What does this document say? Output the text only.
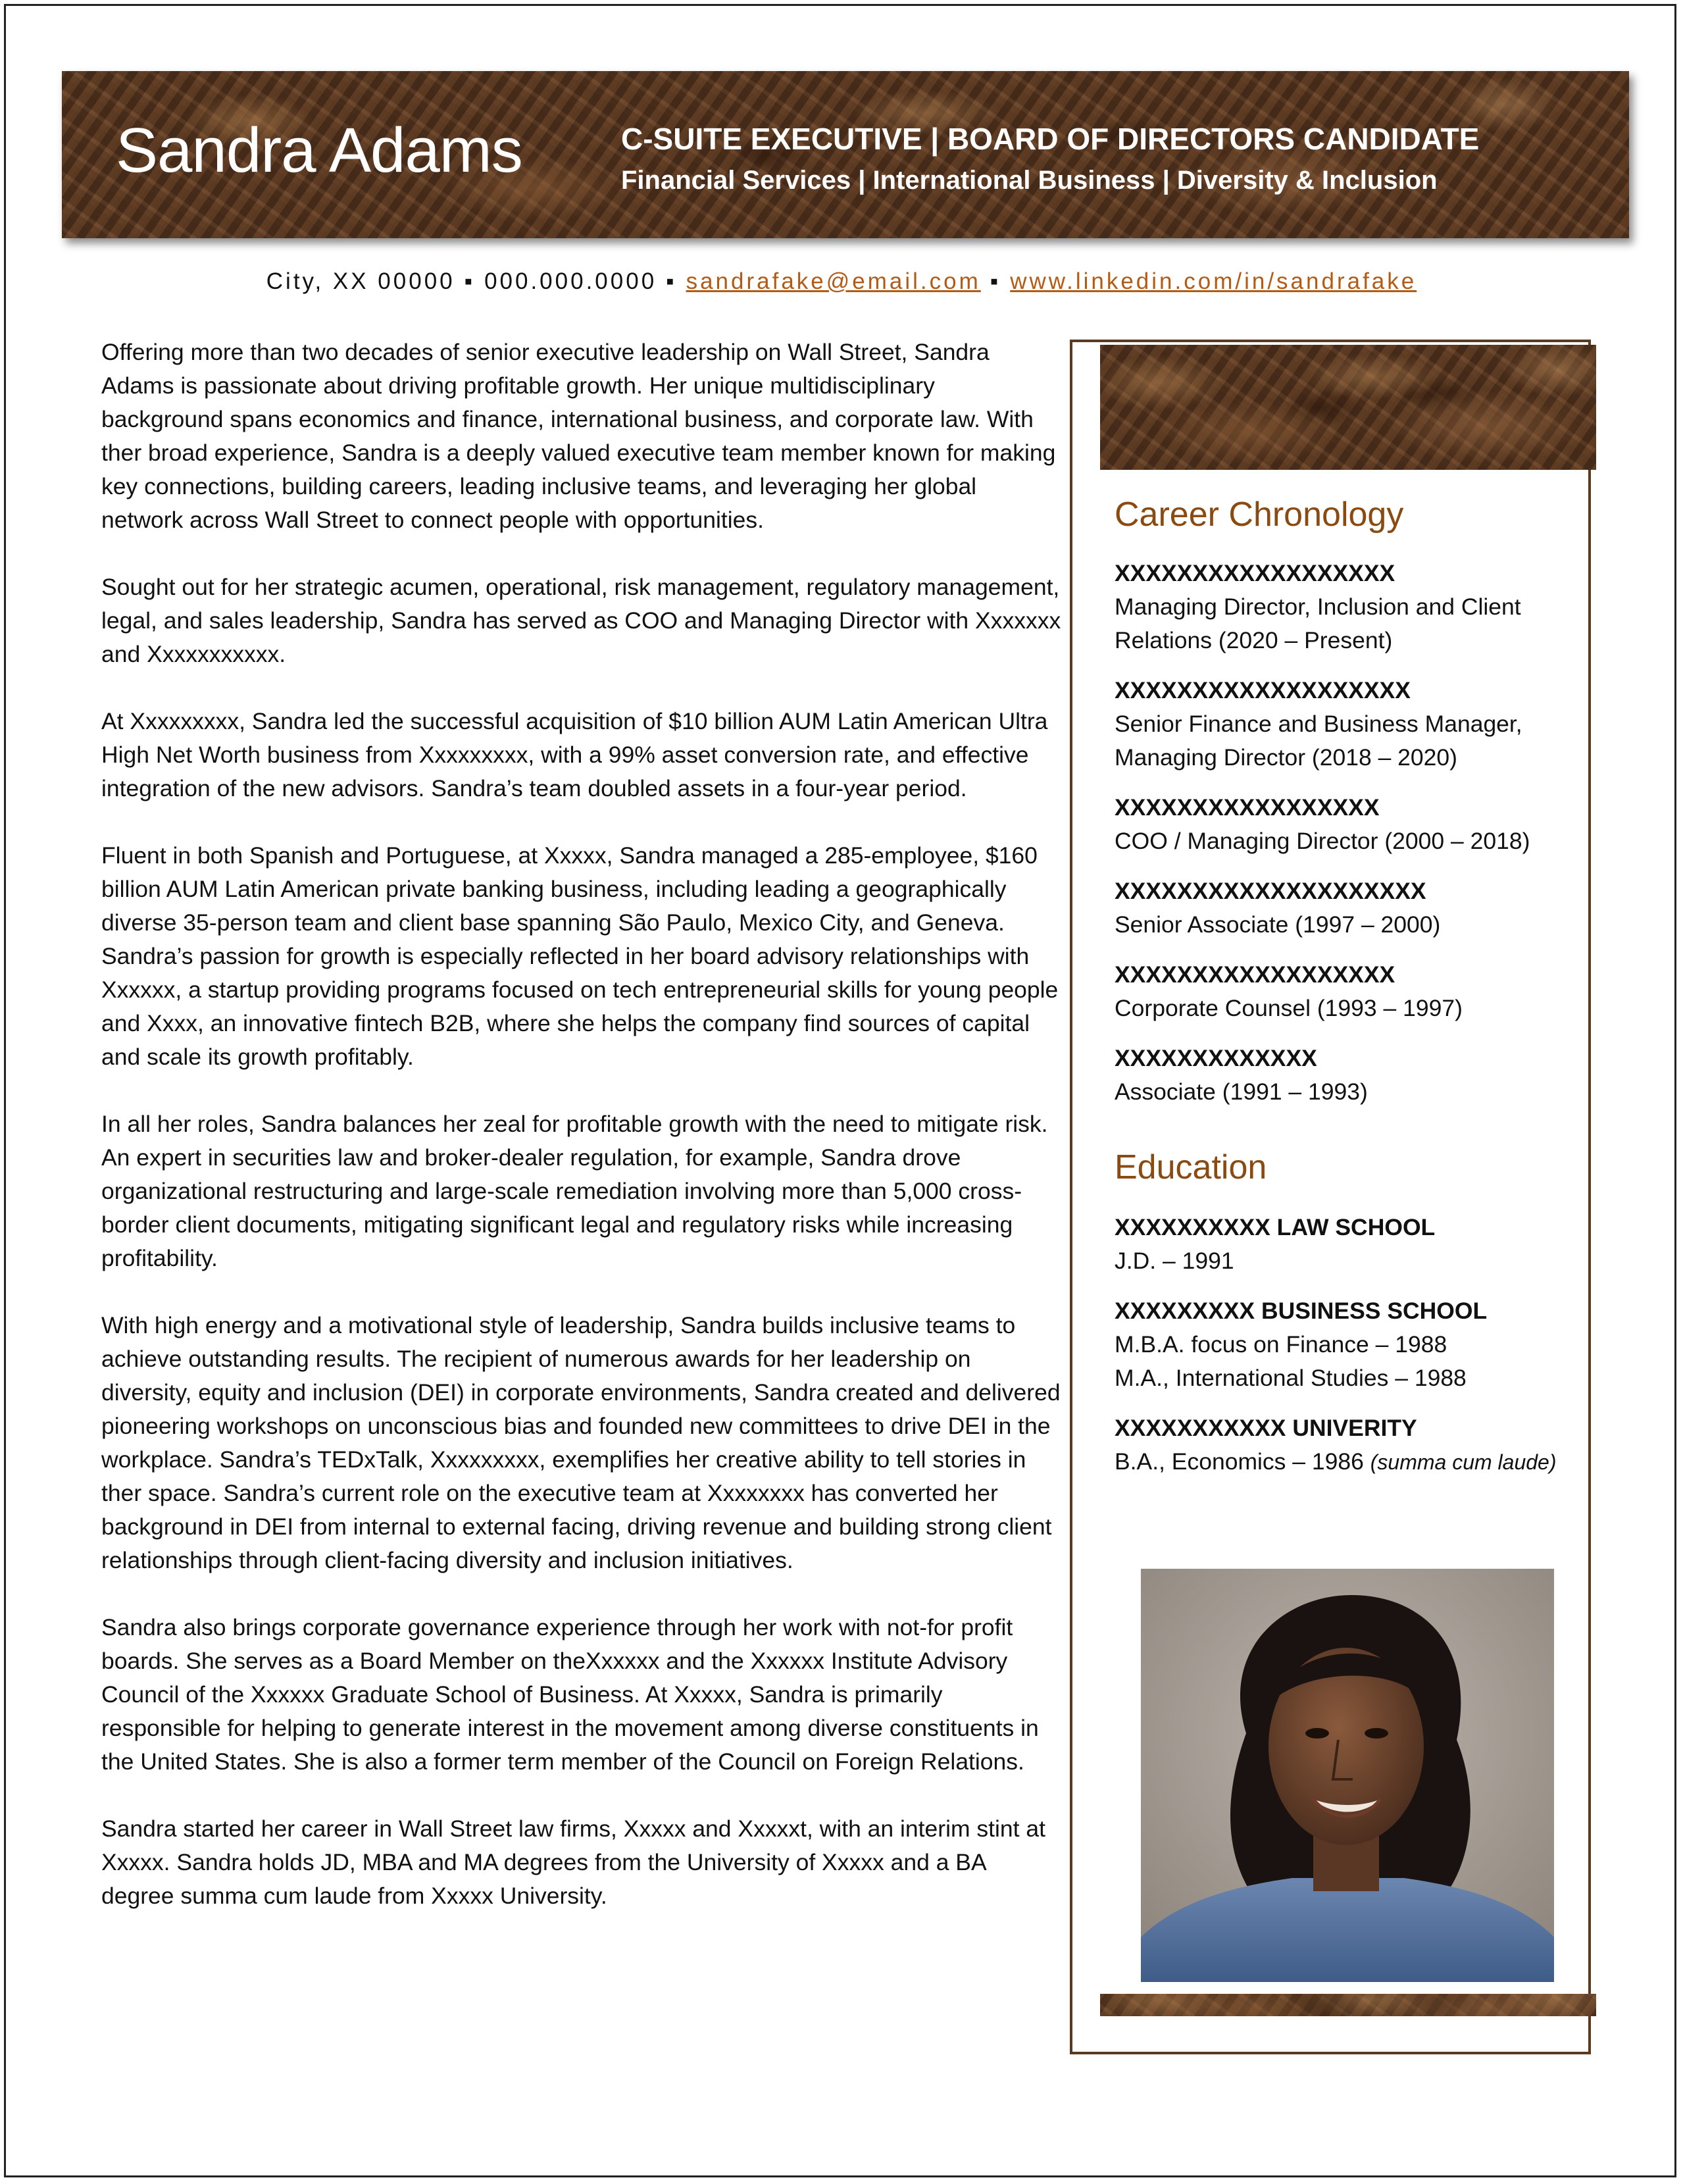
Sandra Adams	C-SUITE EXECUTIVE | BOARD OF DIRECTORS CANDIDATE
Financial Services | International Business | Diversity & Inclusion
City, XX 00000 ▪ 000.000.0000 ▪ sandrafake@email.com ▪ www.linkedin.com/in/sandrafake

Offering more than two decades of senior executive leadership on Wall Street, Sandra Adams is passionate about driving profitable growth. Her unique multidisciplinary background spans economics and finance, international business, and corporate law. With ther broad experience, Sandra is a deeply valued executive team member known for making key connections, building careers, leading inclusive teams, and leveraging her global network across Wall Street to connect people with opportunities.

Sought out for her strategic acumen, operational, risk management, regulatory management, legal, and sales leadership, Sandra has served as COO and Managing Director with Xxxxxxx and Xxxxxxxxxxx.

At Xxxxxxxxx, Sandra led the successful acquisition of $10 billion AUM Latin American Ultra High Net Worth business from Xxxxxxxxx, with a 99% asset conversion rate, and effective integration of the new advisors. Sandra’s team doubled assets in a four-year period.

Fluent in both Spanish and Portuguese, at Xxxxx, Sandra managed a 285-employee, $160 billion AUM Latin American private banking business, including leading a geographically diverse 35-person team and client base spanning São Paulo, Mexico City, and Geneva. Sandra’s passion for growth is especially reflected in her board advisory relationships with Xxxxxx, a startup providing programs focused on tech entrepreneurial skills for young people and Xxxx, an innovative fintech B2B, where she helps the company find sources of capital and scale its growth profitably.

In all her roles, Sandra balances her zeal for profitable growth with the need to mitigate risk. An expert in securities law and broker-dealer regulation, for example, Sandra drove organizational restructuring and large-scale remediation involving more than 5,000 cross-border client documents, mitigating significant legal and regulatory risks while increasing profitability.

With high energy and a motivational style of leadership, Sandra builds inclusive teams to achieve outstanding results. The recipient of numerous awards for her leadership on diversity, equity and inclusion (DEI) in corporate environments, Sandra created and delivered pioneering workshops on unconscious bias and founded new committees to drive DEI in the workplace. Sandra’s TEDxTalk, Xxxxxxxxx, exemplifies her creative ability to tell stories in ther space. Sandra’s current role on the executive team at Xxxxxxxx has converted her background in DEI from internal to external facing, driving revenue and building strong client relationships through client-facing diversity and inclusion initiatives.

Sandra also brings corporate governance experience through her work with not-for profit boards. She serves as a Board Member on theXxxxxx and the Xxxxxx Institute Advisory Council of the Xxxxxx Graduate School of Business. At Xxxxx, Sandra is primarily responsible for helping to generate interest in the movement among diverse constituents in the United States. She is also a former term member of the Council on Foreign Relations.

Sandra started her career in Wall Street law firms, Xxxxx and Xxxxxt, with an interim stint at Xxxxx. Sandra holds JD, MBA and MA degrees from the University of Xxxxx and a BA degree summa cum laude from Xxxxx University.

Career Chronology
XXXXXXXXXXXXXXXXXX
Managing Director, Inclusion and Client Relations (2020 – Present)
XXXXXXXXXXXXXXXXXXX
Senior Finance and Business Manager, Managing Director (2018 – 2020)
XXXXXXXXXXXXXXXXX
COO / Managing Director (2000 – 2018)
XXXXXXXXXXXXXXXXXXXX
Senior Associate (1997 – 2000)
XXXXXXXXXXXXXXXXXX
Corporate Counsel (1993 – 1997)
XXXXXXXXXXXXX
Associate (1991 – 1993)
Education
XXXXXXXXXX LAW SCHOOL
J.D. – 1991
XXXXXXXXX BUSINESS SCHOOL
M.B.A. focus on Finance – 1988
M.A., International Studies – 1988
XXXXXXXXXXX UNIVERITY
B.A., Economics – 1986 (summa cum laude)
